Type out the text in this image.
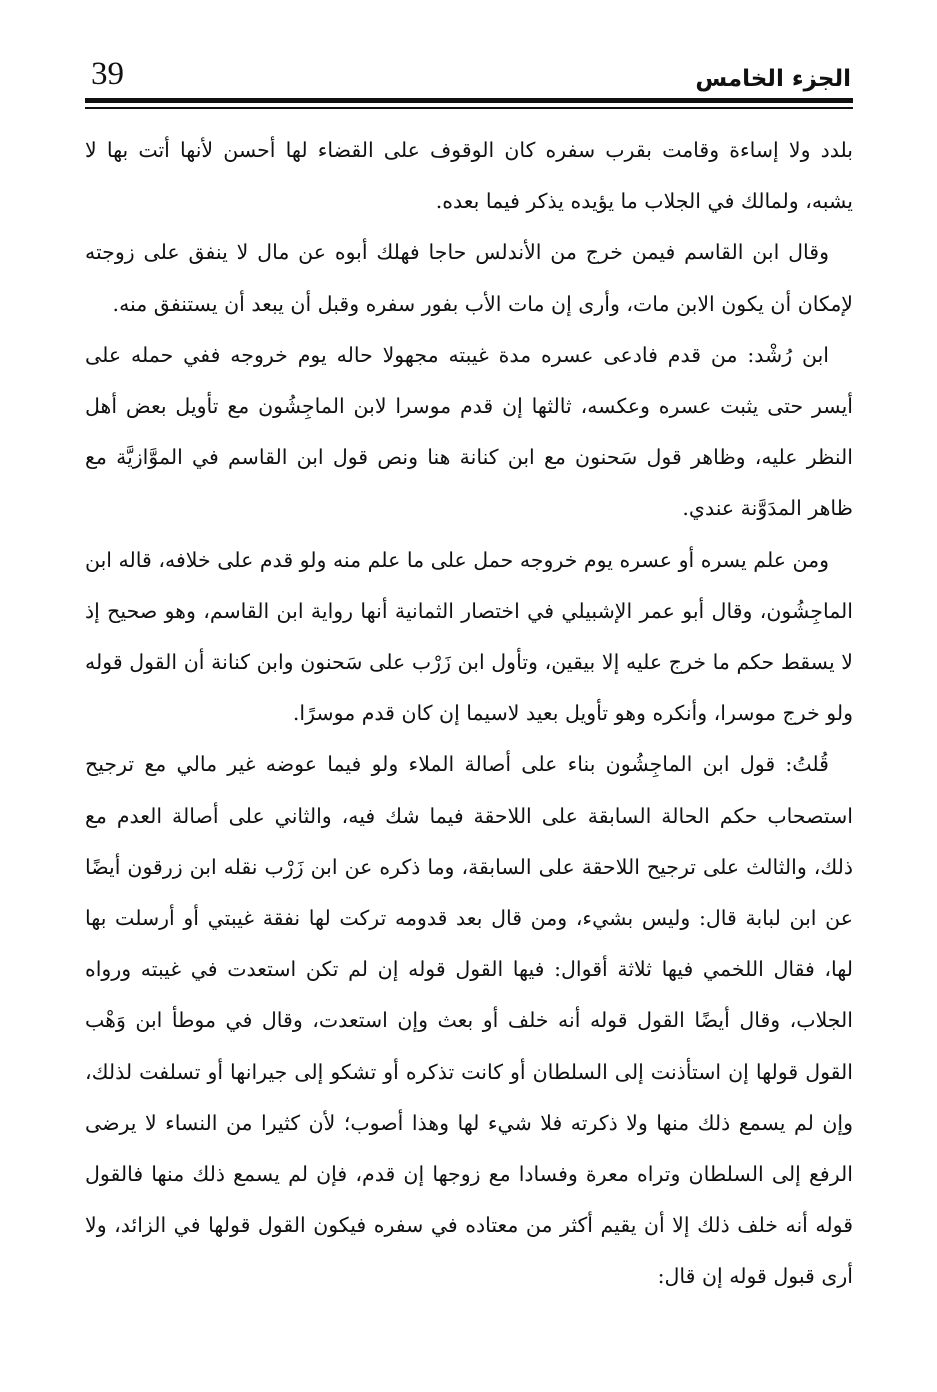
39	الجزء الخامس

بلدد ولا إساءة وقامت بقرب سفره كان الوقوف على القضاء لها أحسن لأنها أتت بها لا يشبه، ولمالك في الجلاب ما يؤيده يذكر فيما بعده.

وقال ابن القاسم فيمن خرج من الأندلس حاجا فهلك أبوه عن مال لا ينفق على زوجته لإمكان أن يكون الابن مات، وأرى إن مات الأب بفور سفره وقبل أن يبعد أن يستنفق منه.

ابن رُشْد: من قدم فادعى عسره مدة غيبته مجهولا حاله يوم خروجه ففي حمله على أيسر حتى يثبت عسره وعكسه، ثالثها إن قدم موسرا لابن الماجِشُون مع تأويل بعض أهل النظر عليه، وظاهر قول سَحنون مع ابن كنانة هنا ونص قول ابن القاسم في الموَّازيَّة مع ظاهر المدَوَّنة عندي.

ومن علم يسره أو عسره يوم خروجه حمل على ما علم منه ولو قدم على خلافه، قاله ابن الماجِشُون، وقال أبو عمر الإشبيلي في اختصار الثمانية أنها رواية ابن القاسم، وهو صحيح إذ لا يسقط حكم ما خرج عليه إلا بيقين، وتأول ابن زَرْب على سَحنون وابن كنانة أن القول قوله ولو خرج موسرا، وأنكره وهو تأويل بعيد لاسيما إن كان قدم موسرًا.

قُلتُ: قول ابن الماجِشُون بناء على أصالة الملاء ولو فيما عوضه غير مالي مع ترجيح استصحاب حكم الحالة السابقة على اللاحقة فيما شك فيه، والثاني على أصالة العدم مع ذلك، والثالث على ترجيح اللاحقة على السابقة، وما ذكره عن ابن زَرْب نقله ابن زرقون أيضًا عن ابن لبابة قال: وليس بشيء، ومن قال بعد قدومه تركت لها نفقة غيبتي أو أرسلت بها لها، فقال اللخمي فيها ثلاثة أقوال: فيها القول قوله إن لم تكن استعدت في غيبته ورواه الجلاب، وقال أيضًا القول قوله أنه خلف أو بعث وإن استعدت، وقال في موطأ ابن وَهْب القول قولها إن استأذنت إلى السلطان أو كانت تذكره أو تشكو إلى جيرانها أو تسلفت لذلك، وإن لم يسمع ذلك منها ولا ذكرته فلا شيء لها وهذا أصوب؛ لأن كثيرا من النساء لا يرضى الرفع إلى السلطان وتراه معرة وفسادا مع زوجها إن قدم، فإن لم يسمع ذلك منها فالقول قوله أنه خلف ذلك إلا أن يقيم أكثر من معتاده في سفره فيكون القول قولها في الزائد، ولا أرى قبول قوله إن قال:
